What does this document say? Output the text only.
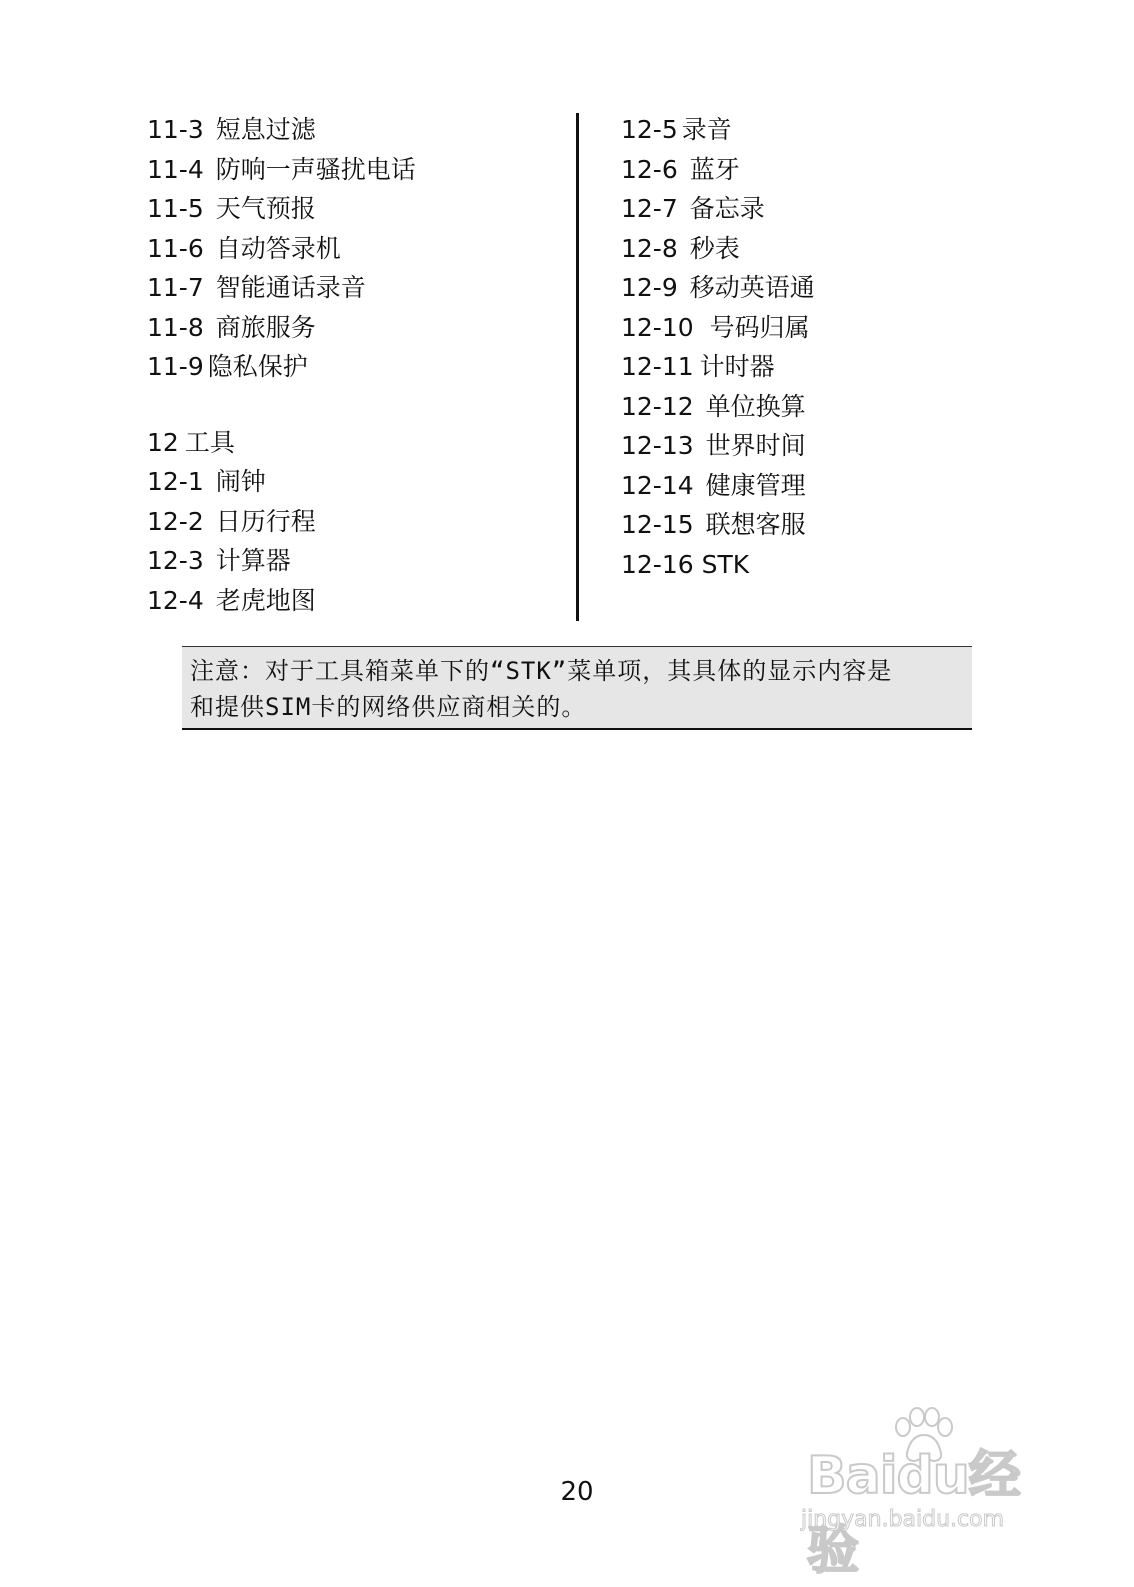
11-3 短息过滤
11-4 防响一声骚扰电话
11-5 天气预报
11-6 自动答录机
11-7 智能通话录音
11-8 商旅服务
11-9 隐私保护
12 工具
12-1 闹钟
12-2 日历行程
12-3 计算器
12-4 老虎地图
12-5 录音
12-6 蓝牙
12-7 备忘录
12-8 秒表
12-9 移动英语通
12-10 号码归属
12-11 计时器
12-12 单位换算
12-13 世界时间
12-14 健康管理
12-15 联想客服
12-16 STK
注意：对于工具箱菜单下的“STK”菜单项，其具体的显示内容是
和提供SIM卡的网络供应商相关的。
20	Baidu经验
jingyan.baidu.com
